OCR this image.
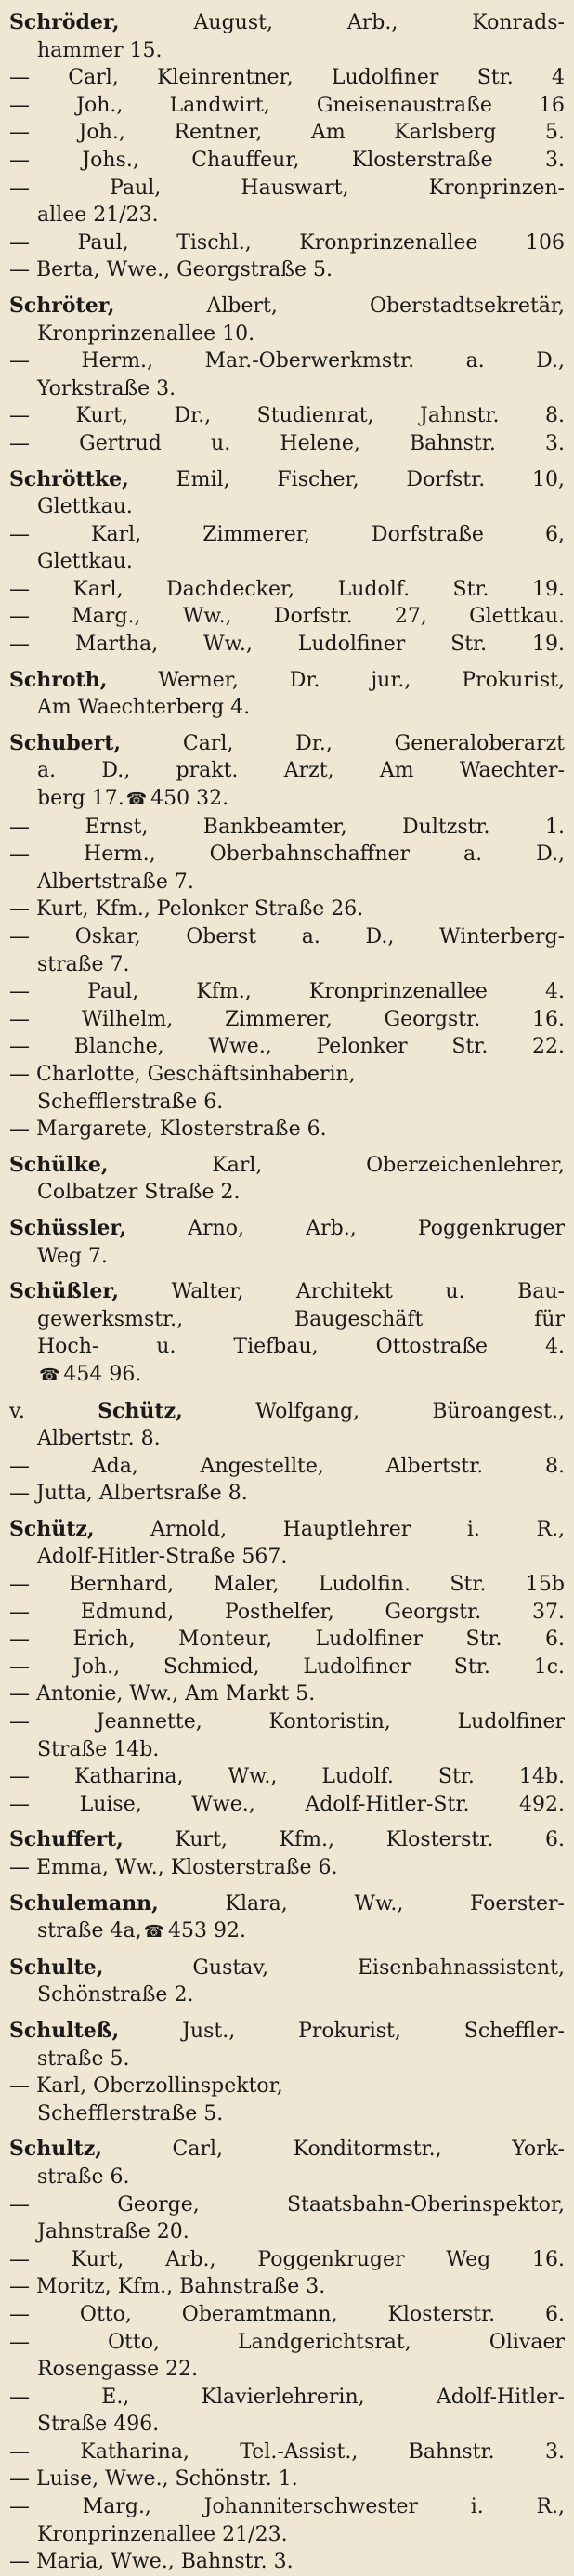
Schröder,	August, Arb., Konrads-
hammer 15.
— Carl, Kleinrentner, Ludolfiner Str. 4
— Joh., Landwirt, Gneisenaustraße 16
— Joh., Rentner, Am Karlsberg 5.
— Johs., Chauffeur, Klosterstraße 3.
— Paul, Hauswart, Kronprinzen-
allee 21/23.
— Paul, Tischl., Kronprinzenallee 106
— Berta, Wwe., Georgstraße 5.
Schröter,	Albert, Oberstadtsekretär,
Kronprinzenallee 10.
— Herm., Mar.-Oberwerkmstr. a. D.,
Yorkstraße 3.
— Kurt, Dr., Studienrat, Jahnstr. 8.
— Gertrud u. Helene, Bahnstr. 3.
Schröttke, Emil, Fischer, Dorfstr. 10,
Glettkau.
— Karl, Zimmerer, Dorfstraße 6,
Glettkau.
— Karl, Dachdecker, Ludolf. Str. 19.
— Marg., Ww., Dorfstr. 27, Glettkau.
— Martha, Ww., Ludolfiner Str. 19.
Schroth, Werner, Dr. jur., Prokurist,
Am Waechterberg 4.
Schubert,	Carl, Dr., Generaloberarzt
a. D., prakt. Arzt, Am Waechter-
berg 17. ☎ 450 32.
— Ernst, Bankbeamter, Dultzstr. 1.
— Herm., Oberbahnschaffner a. D.,
Albertstraße 7.
— Kurt, Kfm., Pelonker Straße 26.
— Oskar, Oberst a. D., Winterberg-
straße 7.
— Paul, Kfm., Kronprinzenallee 4.
— Wilhelm, Zimmerer, Georgstr. 16.
— Blanche, Wwe., Pelonker Str. 22.
— Charlotte, Geschäftsinhaberin,
Schefflerstraße 6.
— Margarete, Klosterstraße 6.
Schülke,	Karl, Oberzeichenlehrer,
Colbatzer Straße 2.
Schüssler,	Arno, Arb., Poggenkruger
Weg 7.
Schüßler,	Walter, Architekt u. Bau-
gewerksmstr., Baugeschäft für
Hoch- u. Tiefbau, Ottostraße 4.
☎ 454 96.
v.	Schütz,	Wolfgang, Büroangest.,
Albertstr. 8.
— Ada, Angestellte, Albertstr. 8.
— Jutta, Albertsraße 8.
Schütz,	Arnold, Hauptlehrer i. R.,
Adolf-Hitler-Straße 567.
— Bernhard, Maler, Ludolfin. Str. 15b
— Edmund, Posthelfer, Georgstr. 37.
— Erich, Monteur, Ludolfiner Str. 6.
— Joh., Schmied, Ludolfiner Str. 1c.
— Antonie, Ww., Am Markt 5.
— Jeannette, Kontoristin, Ludolfiner
Straße 14b.
— Katharina, Ww., Ludolf. Str. 14b.
— Luise, Wwe., Adolf-Hitler-Str. 492.
Schuffert,	Kurt, Kfm., Klosterstr. 6.
— Emma, Ww., Klosterstraße 6.
Schulemann,	Klara, Ww., Foerster-
straße 4a, ☎ 453 92.
Schulte,	Gustav, Eisenbahnassistent,
Schönstraße 2.
Schulteß,	Just., Prokurist, Scheffler-
straße 5.
— Karl, Oberzollinspektor,
Schefflerstraße 5.
Schultz,	Carl, Konditormstr., York-
straße 6.
— George, Staatsbahn-Oberinspektor,
Jahnstraße 20.
— Kurt, Arb., Poggenkruger Weg 16.
— Moritz, Kfm., Bahnstraße 3.
— Otto, Oberamtmann, Klosterstr. 6.
— Otto, Landgerichtsrat, Olivaer
Rosengasse 22.
— E., Klavierlehrerin, Adolf-Hitler-
Straße 496.
— Katharina, Tel.-Assist., Bahnstr. 3.
— Luise, Wwe., Schönstr. 1.
— Marg., Johanniterschwester i. R.,
Kronprinzenallee 21/23.
— Maria, Wwe., Bahnstr. 3.
